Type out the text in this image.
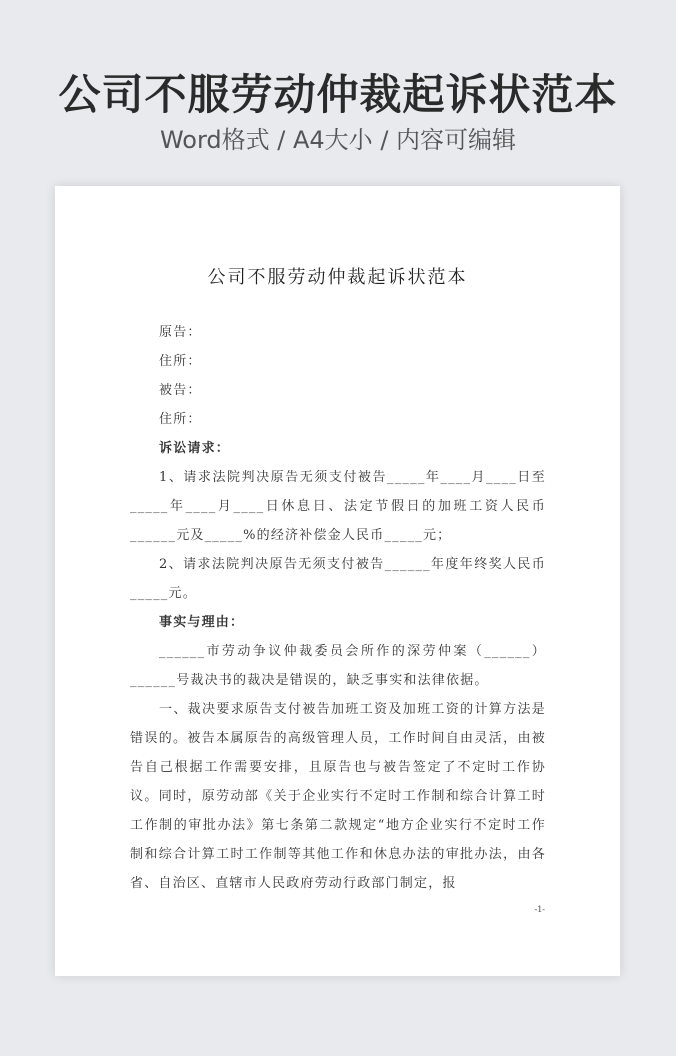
公司不服劳动仲裁起诉状范本
Word格式 / A4大小 / 内容可编辑
公司不服劳动仲裁起诉状范本

原告：

住所：

被告：

住所：

诉讼请求：

1、请求法院判决原告无须支付被告_____年____月____日至_____年____月____日休息日、法定节假日的加班工资人民币______元及_____%的经济补偿金人民币_____元；

2、请求法院判决原告无须支付被告______年度年终奖人民币_____元。

事实与理由：

______市劳动争议仲裁委员会所作的深劳仲案（______）______号裁决书的裁决是错误的，缺乏事实和法律依据。

一、裁决要求原告支付被告加班工资及加班工资的计算方法是错误的。被告本属原告的高级管理人员，工作时间自由灵活，由被告自己根据工作需要安排，且原告也与被告签定了不定时工作协议。同时，原劳动部《关于企业实行不定时工作制和综合计算工时工作制的审批办法》第七条第二款规定“地方企业实行不定时工作制和综合计算工时工作制等其他工作和休息办法的审批办法，由各省、自治区、直辖市人民政府劳动行政部门制定，报

-1-
